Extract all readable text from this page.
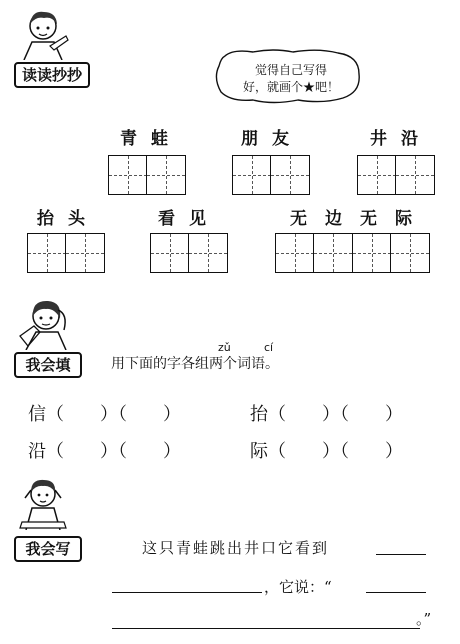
读读抄抄	觉得自己写得
好，就画个★吧！
青蛙	朋友	井沿
抬头	看见	无边无际
我会填
zǔ	cí
用下面的字各组两个词语。
信（　　）（　　）	抬（　　）（　　）
沿（　　）（　　）	际（　　）（　　）
我会写	这只青蛙跳出井口它看到
，它说：“
。”
